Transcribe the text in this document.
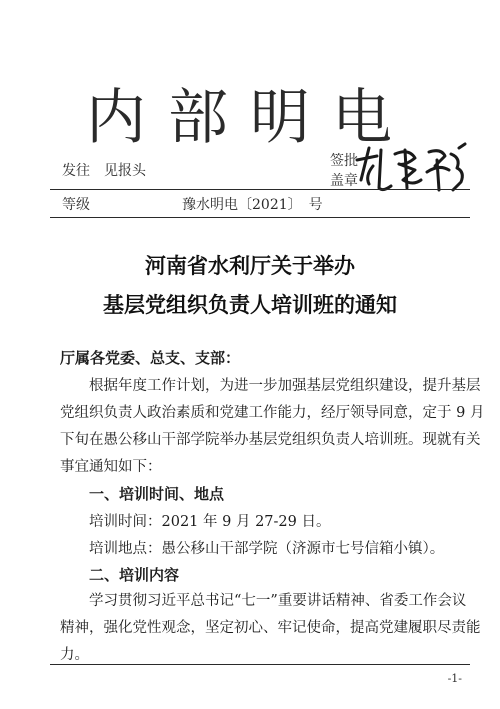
内部明电
发往　见报头
签批
盖章
等级	豫水明电〔2021〕　号
河南省水利厅关于举办
基层党组织负责人培训班的通知
厅属各党委、总支、支部：
根据年度工作计划，为进一步加强基层党组织建设，提升基层
党组织负责人政治素质和党建工作能力，经厅领导同意，定于 9 月
下旬在愚公移山干部学院举办基层党组织负责人培训班。现就有关
事宜通知如下：
一、培训时间、地点
培训时间：2021 年 9 月 27-29 日。
培训地点：愚公移山干部学院（济源市七号信箱小镇）。
二、培训内容
学习贯彻习近平总书记“七一”重要讲话精神、省委工作会议
精神，强化党性观念，坚定初心、牢记使命，提高党建履职尽责能
力。
-1-
